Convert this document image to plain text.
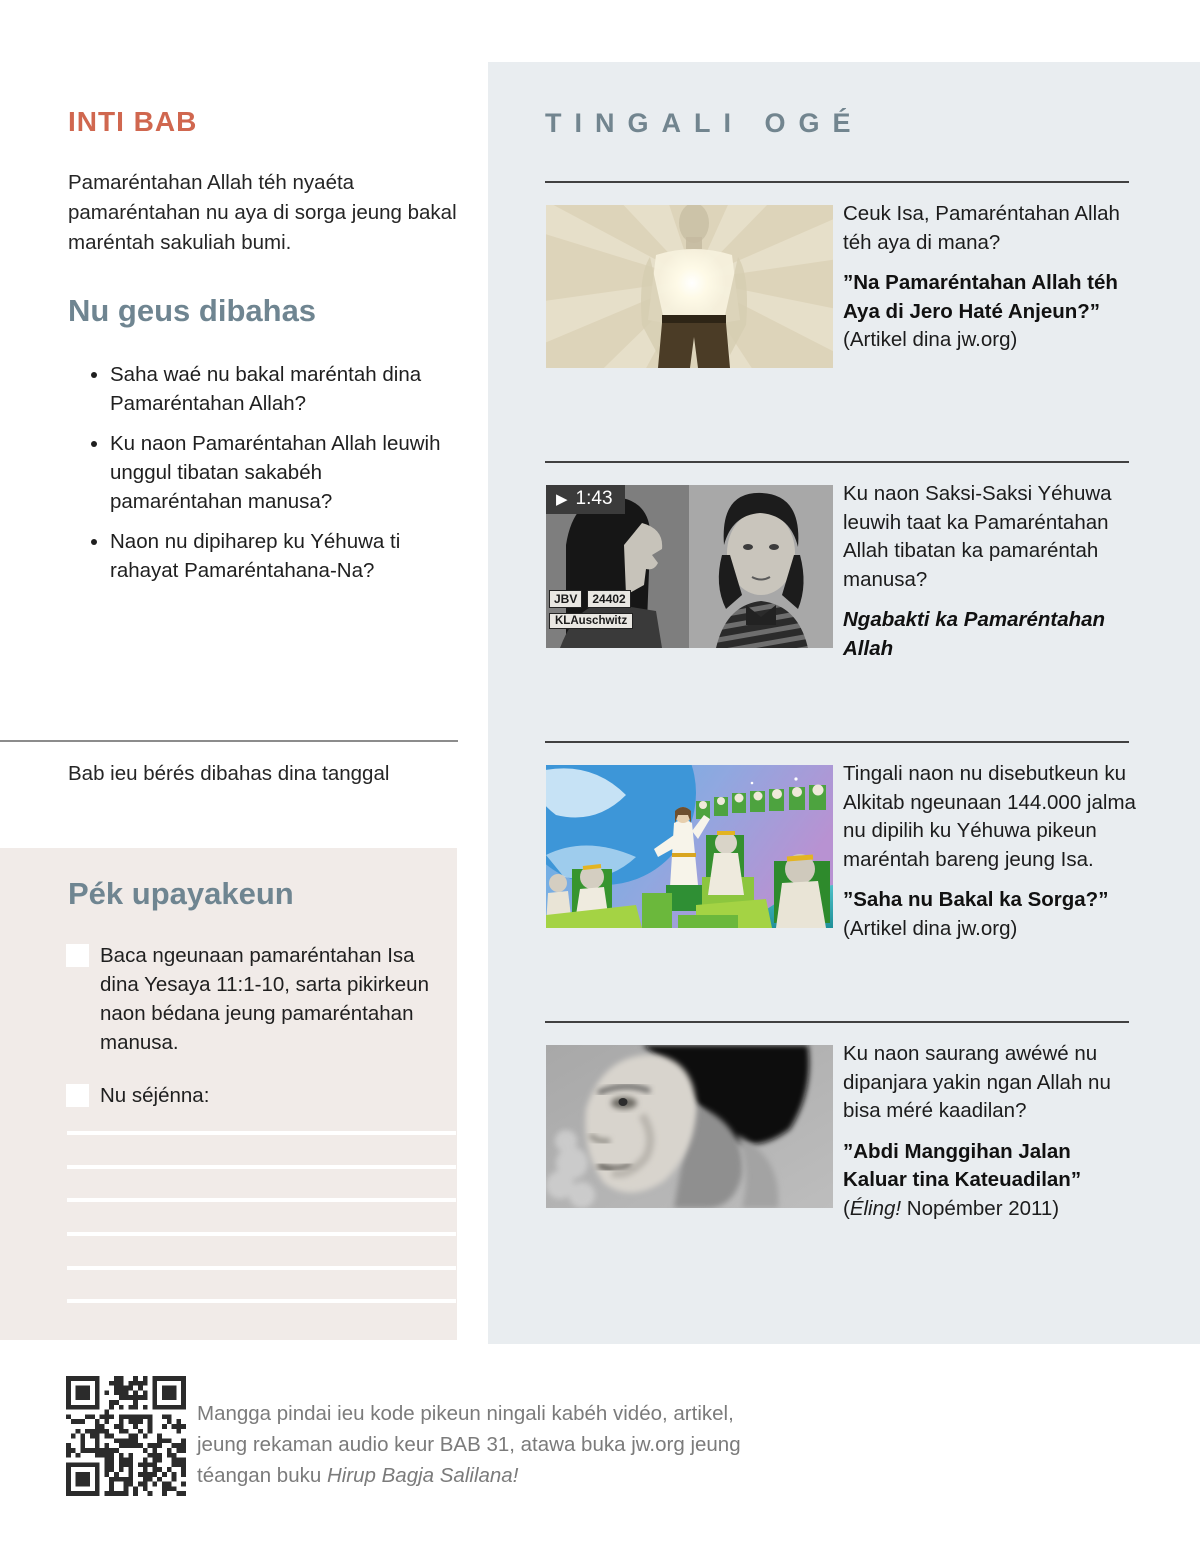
INTI BAB

Pamaréntahan Allah téh nyaéta pamaréntahan nu aya di sorga jeung bakal maréntah sakuliah bumi.

Nu geus dibahas
• Saha waé nu bakal maréntah dina Pamaréntahan Allah?
• Ku naon Pamaréntahan Allah leuwih unggul tibatan sakabéh pamaréntahan manusa?
• Naon nu dipiharep ku Yéhuwa ti rahayat Pamaréntahana-Na?

Bab ieu bérés dibahas dina tanggal

Pék upayakeun
Baca ngeunaan pamaréntahan Isa dina Yesaya 11:1-10, sarta pikirkeun naon bédana jeung pamaréntahan manusa.
Nu séjénna:
TINGALI OGÉ

Ceuk Isa, Pamaréntahan Allah téh aya di mana?

”Na Pamaréntahan Allah téh Aya di Jero Haté Anjeun?”

(Artikel dina jw.org)

▶ 1:43
JBV	24402
KLAuschwitz

Ku naon Saksi-Saksi Yéhuwa leuwih taat ka Pamaréntahan Allah tibatan ka pamaréntah manusa?

Ngabakti ka Pamaréntahan Allah

Tingali naon nu disebutkeun ku Alkitab ngeunaan 144.000 jalma nu dipilih ku Yéhuwa pikeun maréntah bareng jeung Isa.

”Saha nu Bakal ka Sorga?”

(Artikel dina jw.org)

Ku naon saurang awéwé nu dipanjara yakin ngan Allah nu bisa méré kaadilan?

”Abdi Manggihan Jalan Kaluar tina Kateuadilan”

(Éling! Nopémber 2011)

Mangga pindai ieu kode pikeun ningali kabéh vidéo, artikel, jeung rekaman audio keur BAB 31, atawa buka jw.org jeung téangan buku Hirup Bagja Salilana!
